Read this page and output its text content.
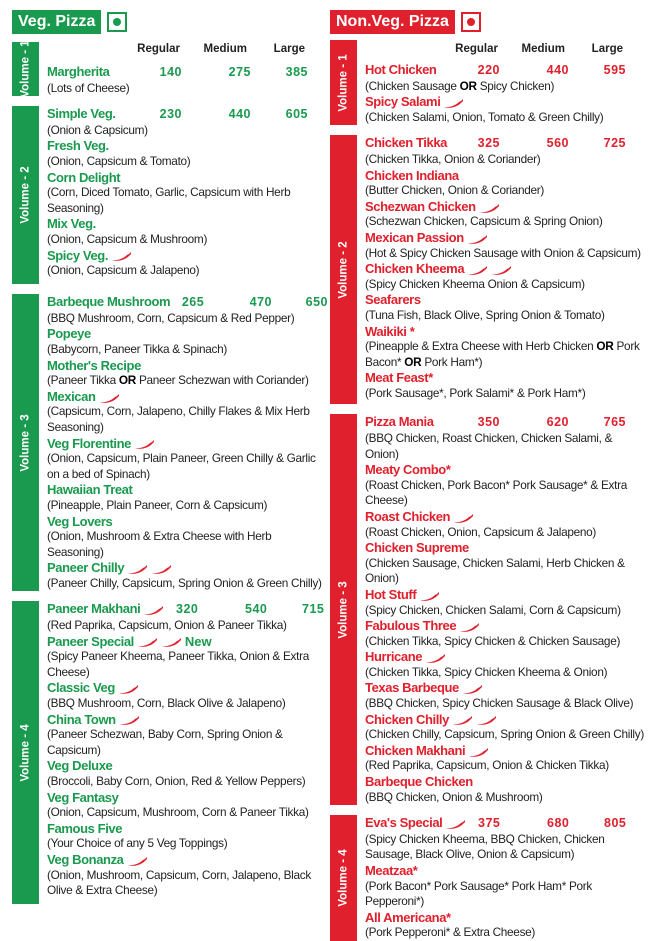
Veg. Pizza
Regular	Medium	Large
Volume - 1 Margherita	140	275	385
(Lots of Cheese)
Volume - 2
Simple Veg.	230	440	605
(Onion & Capsicum)
Fresh Veg.
(Onion, Capsicum & Tomato)
Corn Delight
(Corn, Diced Tomato, Garlic, Capsicum with Herb Seasoning)
Mix Veg.
(Onion, Capsicum & Mushroom)
Spicy Veg.
(Onion, Capsicum & Jalapeno)
Volume - 3
Barbeque Mushroom 265	470	650
(BBQ Mushroom, Corn, Capsicum & Red Pepper)
Popeye
(Babycorn, Paneer Tikka & Spinach)
Mother's Recipe
(Paneer Tikka OR Paneer Schezwan with Coriander)
Mexican
(Capsicum, Corn, Jalapeno, Chilly Flakes & Mix Herb Seasoning)
Veg Florentine
(Onion, Capsicum, Plain Paneer, Green Chilly & Garlic on a bed of Spinach)
Hawaiian Treat
(Pineapple, Plain Paneer, Corn & Capsicum)
Veg Lovers
(Onion, Mushroom & Extra Cheese with Herb Seasoning)
Paneer Chilly
(Paneer Chilly, Capsicum, Spring Onion & Green Chilly)
Volume - 4
Paneer Makhani	320	540	715
(Red Paprika, Capsicum, Onion & Paneer Tikka)
Paneer Special	New
(Spicy Paneer Kheema, Paneer Tikka, Onion & Extra Cheese)
Classic Veg
(BBQ Mushroom, Corn, Black Olive & Jalapeno)
China Town
(Paneer Schezwan, Baby Corn, Spring Onion & Capsicum)
Veg Deluxe
(Broccoli, Baby Corn, Onion, Red & Yellow Peppers)
Veg Fantasy
(Onion, Capsicum, Mushroom, Corn & Paneer Tikka)
Famous Five
(Your Choice of any 5 Veg Toppings)
Veg Bonanza
(Onion, Mushroom, Capsicum, Corn, Jalapeno, Black Olive & Extra Cheese)
Non.Veg. Pizza
Regular	Medium	Large
Volume - 1 Hot Chicken	220	440	595
(Chicken Sausage OR Spicy Chicken)
Spicy Salami
(Chicken Salami, Onion, Tomato & Green Chilly)
Volume - 2
Chicken Tikka	325	560	725
(Chicken Tikka, Onion & Coriander)
Chicken Indiana
(Butter Chicken, Onion & Coriander)
Schezwan Chicken
(Schezwan Chicken, Capsicum & Spring Onion)
Mexican Passion
(Hot & Spicy Chicken Sausage with Onion & Capsicum)
Chicken Kheema
(Spicy Chicken Kheema Onion & Capsicum)
Seafarers
(Tuna Fish, Black Olive, Spring Onion & Tomato)
Waikiki *
(Pineapple & Extra Cheese with Herb Chicken OR Pork Bacon* OR Pork Ham*)
Meat Feast*
(Pork Sausage*, Pork Salami* & Pork Ham*)
Volume - 3
Pizza Mania	350	620	765
(BBQ Chicken, Roast Chicken, Chicken Salami, & Onion)
Meaty Combo*
(Roast Chicken, Pork Bacon* Pork Sausage* & Extra Cheese)
Roast Chicken
(Roast Chicken, Onion, Capsicum & Jalapeno)
Chicken Supreme
(Chicken Sausage, Chicken Salami, Herb Chicken & Onion)
Hot Stuff
(Spicy Chicken, Chicken Salami, Corn & Capsicum)
Fabulous Three
(Chicken Tikka, Spicy Chicken & Chicken Sausage)
Hurricane
(Chicken Tikka, Spicy Chicken Kheema & Onion)
Texas Barbeque
(BBQ Chicken, Spicy Chicken Sausage & Black Olive)
Chicken Chilly
(Chicken Chilly, Capsicum, Spring Onion & Green Chilly)
Chicken Makhani
(Red Paprika, Capsicum, Onion & Chicken Tikka)
Barbeque Chicken
(BBQ Chicken, Onion & Mushroom)
Volume - 4
Eva's Special	375	680	805
(Spicy Chicken Kheema, BBQ Chicken, Chicken Sausage, Black Olive, Onion & Capsicum)
Meatzaa*
(Pork Bacon* Pork Sausage* Pork Ham* Pork Pepperoni*)
All Americana*
(Pork Pepperoni* & Extra Cheese)
